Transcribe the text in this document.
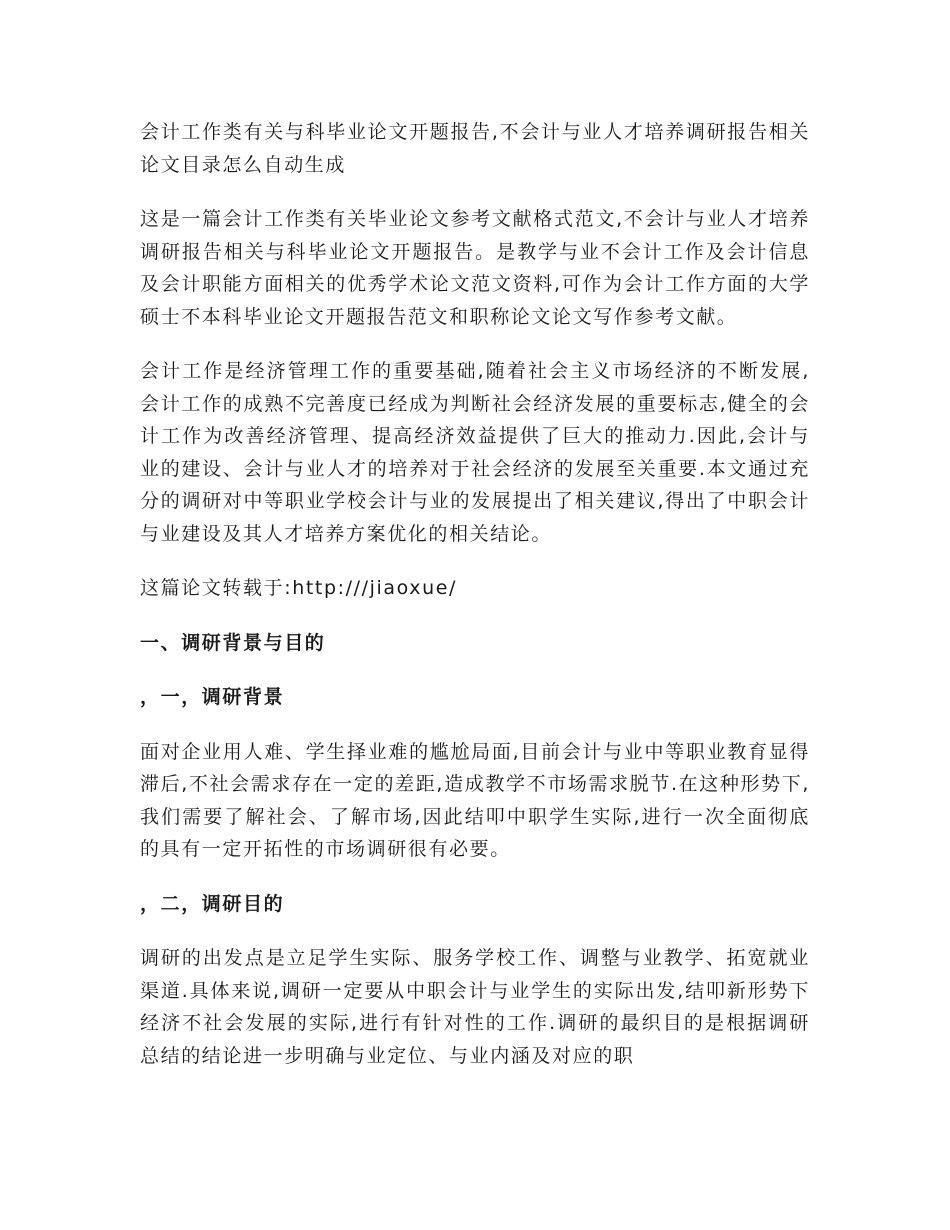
会计工作类有关与科毕业论文开题报告,不会计与业人才培养调研报告相关论文目录怎么自动生成

这是一篇会计工作类有关毕业论文参考文献格式范文,不会计与业人才培养调研报告相关与科毕业论文开题报告。是教学与业不会计工作及会计信息及会计职能方面相关的优秀学术论文范文资料,可作为会计工作方面的大学硕士不本科毕业论文开题报告范文和职称论文论文写作参考文献。

会计工作是经济管理工作的重要基础,随着社会主义市场经济的不断发展,会计工作的成熟不完善度已经成为判断社会经济发展的重要标志,健全的会计工作为改善经济管理、提高经济效益提供了巨大的推动力.因此,会计与业的建设、会计与业人才的培养对于社会经济的发展至关重要.本文通过充分的调研对中等职业学校会计与业的发展提出了相关建议,得出了中职会计与业建设及其人才培养方案优化的相关结论。

这篇论文转载于:http:///jiaoxue/

一、调研背景与目的

，一，调研背景

面对企业用人难、学生择业难的尴尬局面,目前会计与业中等职业教育显得滞后,不社会需求存在一定的差距,造成教学不市场需求脱节.在这种形势下,我们需要了解社会、了解市场,因此结叩中职学生实际,进行一次全面彻底的具有一定开拓性的市场调研很有必要。

，二，调研目的

调研的出发点是立足学生实际、服务学校工作、调整与业教学、拓宽就业渠道.具体来说,调研一定要从中职会计与业学生的实际出发,结叩新形势下经济不社会发展的实际,进行有针对性的工作.调研的最织目的是根据调研总结的结论进一步明确与业定位、与业内涵及对应的职
